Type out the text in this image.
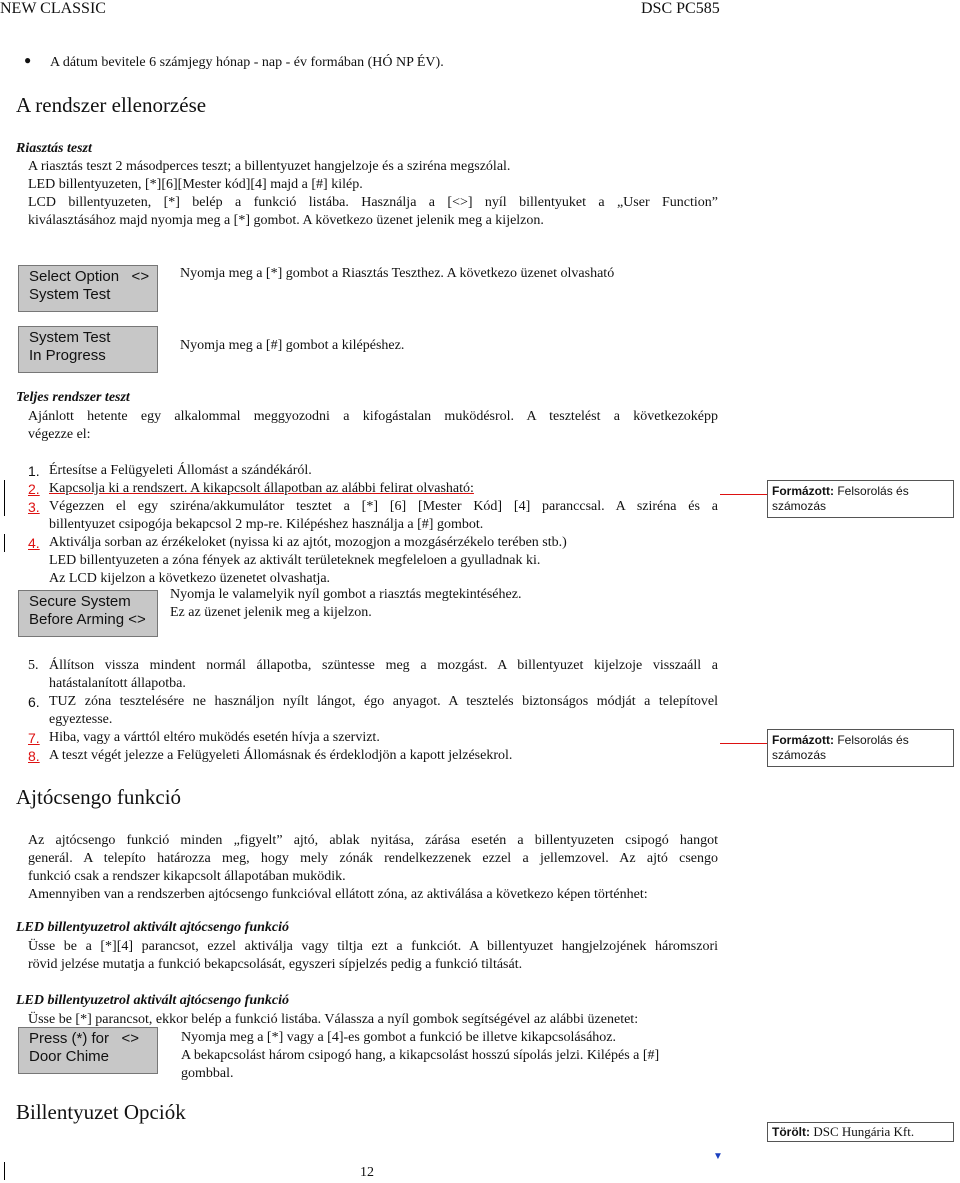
NEW CLASSIC	DSC PC585
● A dátum bevitele 6 számjegy hónap - nap - év formában (HÓ NP ÉV).
A rendszer ellenorzése
Riasztás teszt
A riasztás teszt 2 másodperces teszt; a billentyuzet hangjelzoje és a sziréna megszólal.
LED billentyuzeten, [*][6][Mester kód][4] majd a [#] kilép.
LCD billentyuzeten, [*] belép a funkció listába. Használja a [<>] nyíl billentyuket a „User Function”
kiválasztásához majd nyomja meg a [*] gombot. A következo üzenet jelenik meg a kijelzon.
Select Option   <>
System Test
Nyomja meg a [*] gombot a Riasztás Teszthez. A következo üzenet olvasható
System Test
In Progress
Nyomja meg a [#] gombot a kilépéshez.
Teljes rendszer teszt
Ajánlott hetente egy alkalommal meggyozodni a kifogástalan muködésrol. A tesztelést a következoképp
végezze el:
1. Értesítse a Felügyeleti Állomást a szándékáról.
2. Kapcsolja ki a rendszert. A kikapcsolt állapotban az alábbi felirat olvasható:
3. Végezzen el egy sziréna/akkumulátor tesztet a [*] [6] [Mester Kód] [4] paranccsal. A sziréna és a
billentyuzet csipogója bekapcsol 2 mp-re. Kilépéshez használja a [#] gombot.
4. Aktiválja sorban az érzékeloket (nyissa ki az ajtót, mozogjon a mozgásérzékelo terében stb.)
LED billentyuzeten a zóna fények az aktivált területeknek megfeleloen a gyulladnak ki.
Az LCD kijelzon a következo üzenetet olvashatja.
Secure System
Before Arming <>
Nyomja le valamelyik nyíl gombot a riasztás megtekintéséhez.
Ez az üzenet jelenik meg a kijelzon.
5. Állítson vissza mindent normál állapotba, szüntesse meg a mozgást. A billentyuzet kijelzoje visszaáll a
hatástalanított állapotba.
6. TUZ zóna tesztelésére ne használjon nyílt lángot, égo anyagot. A tesztelés biztonságos módját a telepítovel
egyeztesse.
7. Hiba, vagy a várttól eltéro muködés esetén hívja a szervizt.
8. A teszt végét jelezze a Felügyeleti Állomásnak és érdeklodjön a kapott jelzésekrol.
Formázott: Felsorolás és számozás
Formázott: Felsorolás és számozás
Törölt: DSC Hungária Kft.
▼
Ajtócsengo funkció
Az ajtócsengo funkció minden „figyelt” ajtó, ablak nyitása, zárása esetén a billentyuzeten csipogó hangot
generál. A telepíto határozza meg, hogy mely zónák rendelkezzenek ezzel a jellemzovel. Az ajtó csengo
funkció csak a rendszer kikapcsolt állapotában muködik.
Amennyiben van a rendszerben ajtócsengo funkcióval ellátott zóna, az aktiválása a következo képen történhet:
LED billentyuzetrol aktivált ajtócsengo funkció
Üsse be a [*][4] parancsot, ezzel aktiválja vagy tiltja ezt a funkciót. A billentyuzet hangjelzojének háromszori
rövid jelzése mutatja a funkció bekapcsolását, egyszeri sípjelzés pedig a funkció tiltását.
LED billentyuzetrol aktivált ajtócsengo funkció
Üsse be [*] parancsot, ekkor belép a funkció listába. Válassza a nyíl gombok segítségével az alábbi üzenetet:
Press (*) for   <>
Door Chime
Nyomja meg a [*] vagy a [4]-es gombot a funkció be illetve kikapcsolásához.
A bekapcsolást három csipogó hang, a kikapcsolást hosszú sípolás jelzi. Kilépés a [#]
gombbal.
Billentyuzet Opciók
12
